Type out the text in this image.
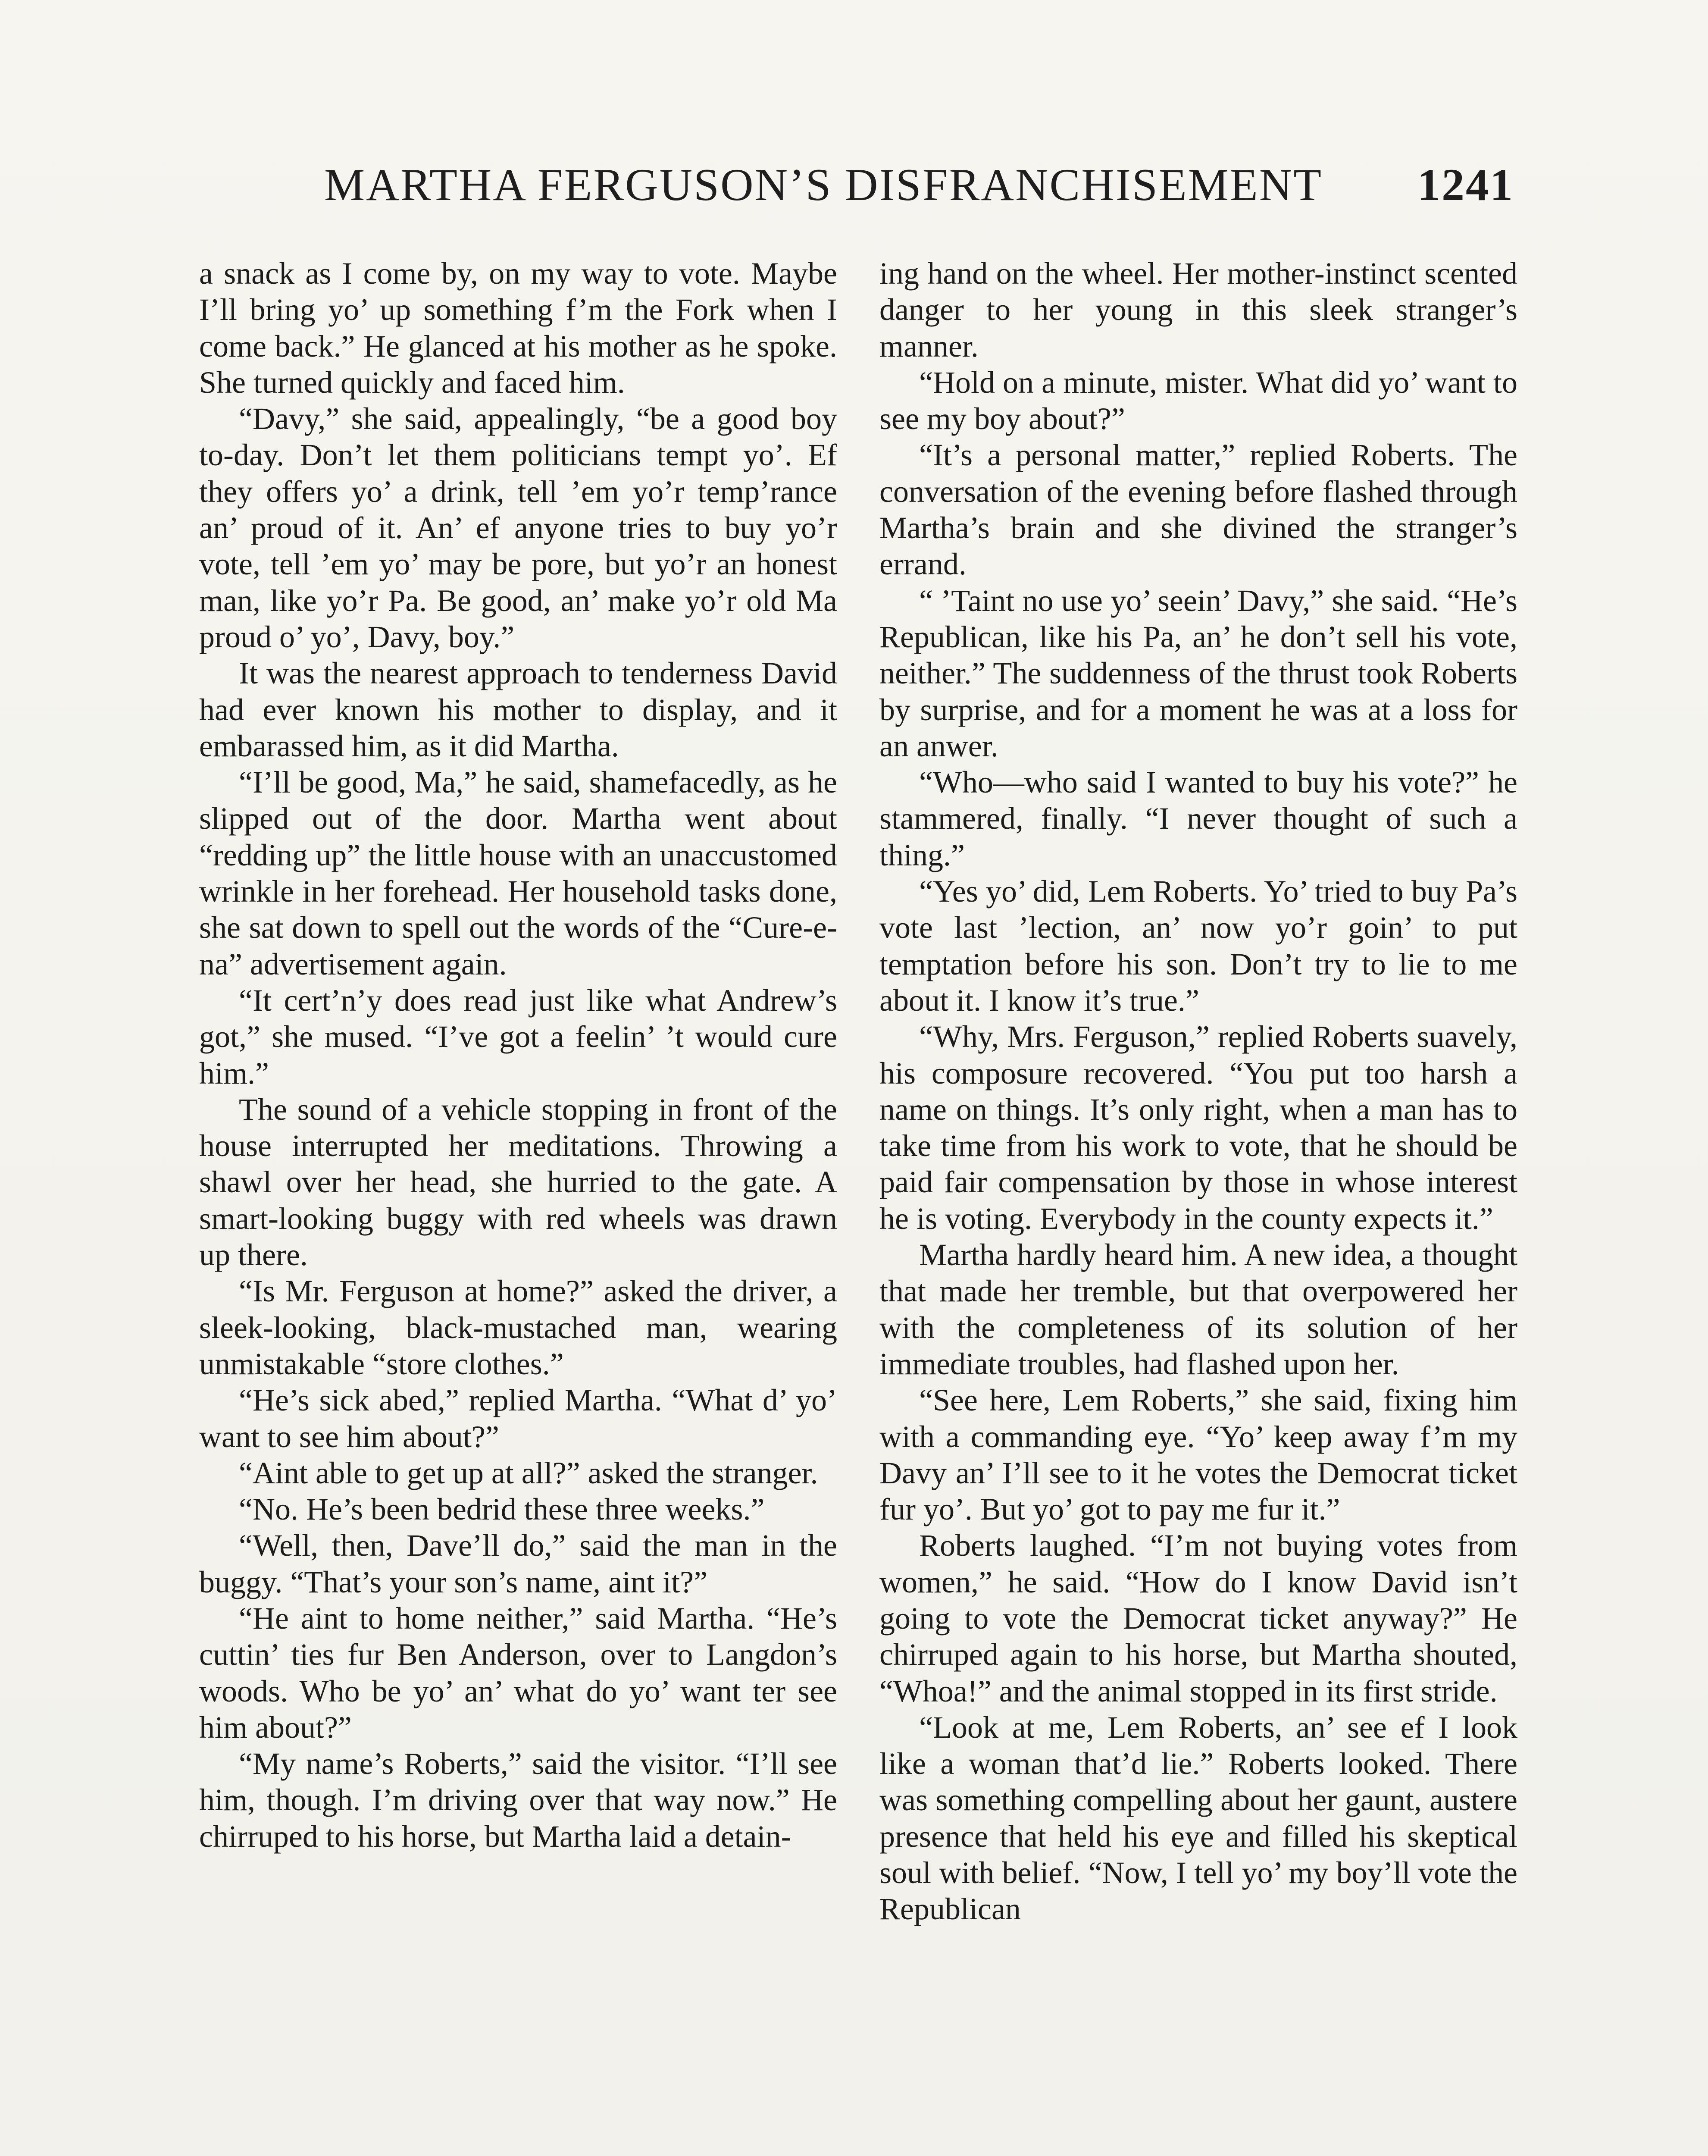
MARTHA FERGUSON’S DISFRANCHISEMENT 1241

a snack as I come by, on my way to vote. Maybe I’ll bring yo’ up something f’m the Fork when I come back.” He glanced at his mother as he spoke. She turned quickly and faced him.

“Davy,” she said, appealingly, “be a good boy to-day. Don’t let them politicians tempt yo’. Ef they offers yo’ a drink, tell ’em yo’r temp’rance an’ proud of it. An’ ef anyone tries to buy yo’r vote, tell ’em yo’ may be pore, but yo’r an honest man, like yo’r Pa. Be good, an’ make yo’r old Ma proud o’ yo’, Davy, boy.”

It was the nearest approach to tenderness David had ever known his mother to display, and it embarassed him, as it did Martha.

“I’ll be good, Ma,” he said, shamefacedly, as he slipped out of the door. Martha went about “redding up” the little house with an unaccustomed wrinkle in her forehead. Her household tasks done, she sat down to spell out the words of the “Cure-e-na” advertisement again.

“It cert’n’y does read just like what Andrew’s got,” she mused. “I’ve got a feelin’ ’t would cure him.”

The sound of a vehicle stopping in front of the house interrupted her meditations. Throwing a shawl over her head, she hurried to the gate. A smart-looking buggy with red wheels was drawn up there.

“Is Mr. Ferguson at home?” asked the driver, a sleek-looking, black-mustached man, wearing unmistakable “store clothes.”

“He’s sick abed,” replied Martha. “What d’ yo’ want to see him about?”

“Aint able to get up at all?” asked the stranger.

“No. He’s been bedrid these three weeks.”

“Well, then, Dave’ll do,” said the man in the buggy. “That’s your son’s name, aint it?”

“He aint to home neither,” said Martha. “He’s cuttin’ ties fur Ben Anderson, over to Langdon’s woods. Who be yo’ an’ what do yo’ want ter see him about?”

“My name’s Roberts,” said the visitor. “I’ll see him, though. I’m driving over that way now.” He chirruped to his horse, but Martha laid a detain-

ing hand on the wheel. Her mother-instinct scented danger to her young in this sleek stranger’s manner.

“Hold on a minute, mister. What did yo’ want to see my boy about?”

“It’s a personal matter,” replied Roberts. The conversation of the evening before flashed through Martha’s brain and she divined the stranger’s errand.

“ ’Taint no use yo’ seein’ Davy,” she said. “He’s Republican, like his Pa, an’ he don’t sell his vote, neither.” The suddenness of the thrust took Roberts by surprise, and for a moment he was at a loss for an anwer.

“Who—who said I wanted to buy his vote?” he stammered, finally. “I never thought of such a thing.”

“Yes yo’ did, Lem Roberts. Yo’ tried to buy Pa’s vote last ’lection, an’ now yo’r goin’ to put temptation before his son. Don’t try to lie to me about it. I know it’s true.”

“Why, Mrs. Ferguson,” replied Roberts suavely, his composure recovered. “You put too harsh a name on things. It’s only right, when a man has to take time from his work to vote, that he should be paid fair compensation by those in whose interest he is voting. Everybody in the county expects it.”

Martha hardly heard him. A new idea, a thought that made her tremble, but that overpowered her with the completeness of its solution of her immediate troubles, had flashed upon her.

“See here, Lem Roberts,” she said, fixing him with a commanding eye. “Yo’ keep away f’m my Davy an’ I’ll see to it he votes the Democrat ticket fur yo’. But yo’ got to pay me fur it.”

Roberts laughed. “I’m not buying votes from women,” he said. “How do I know David isn’t going to vote the Democrat ticket anyway?” He chirruped again to his horse, but Martha shouted, “Whoa!” and the animal stopped in its first stride.

“Look at me, Lem Roberts, an’ see ef I look like a woman that’d lie.” Roberts looked. There was something compelling about her gaunt, austere presence that held his eye and filled his skeptical soul with belief. “Now, I tell yo’ my boy’ll vote the Republican
